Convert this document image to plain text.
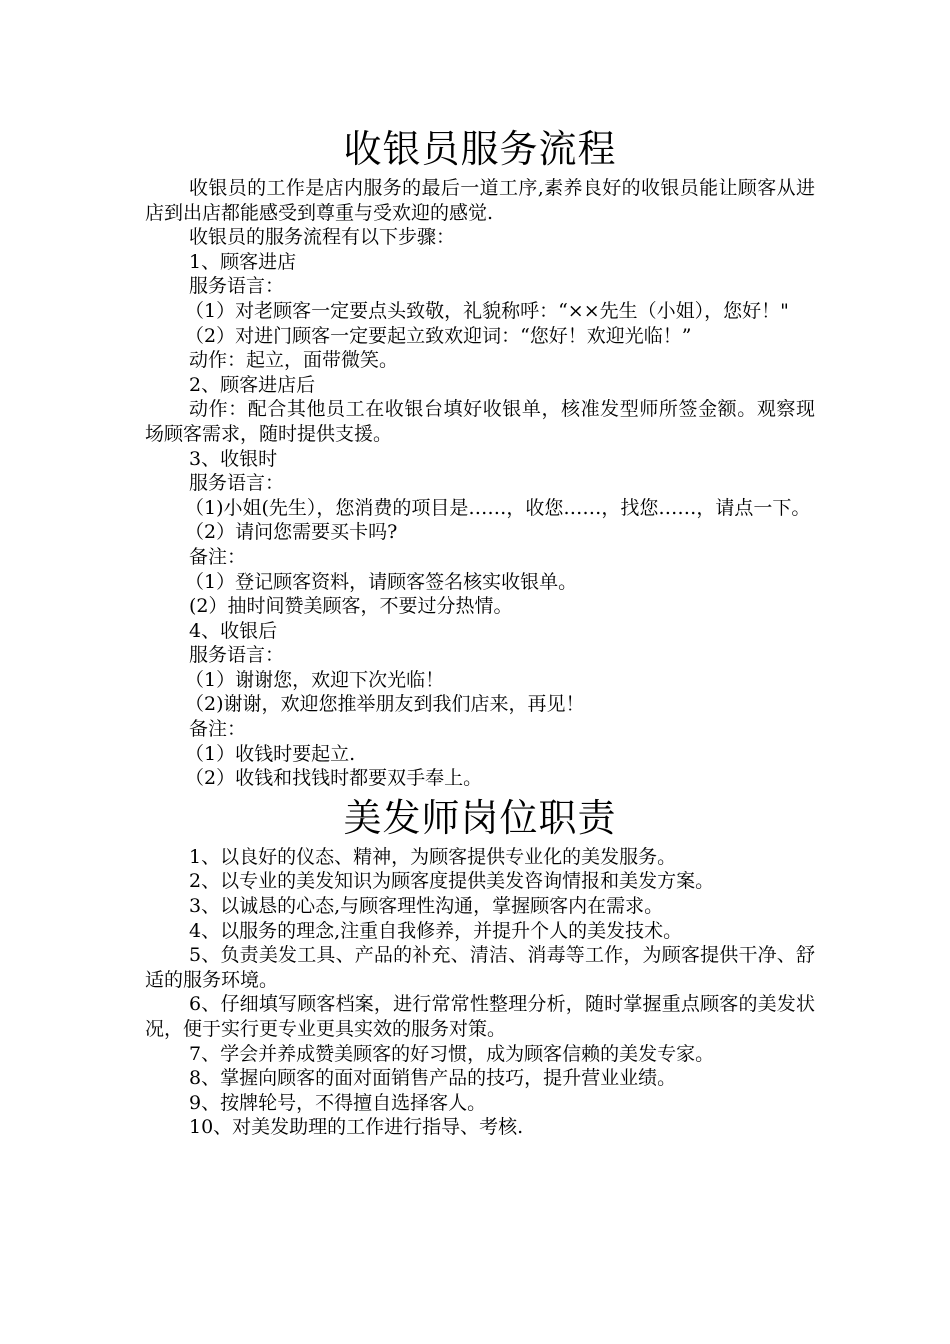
收银员服务流程

收银员的工作是店内服务的最后一道工序,素养良好的收银员能让顾客从进店到出店都能感受到尊重与受欢迎的感觉.

收银员的服务流程有以下步骤：

1、顾客进店

服务语言：

（1）对老顾客一定要点头致敬，礼貌称呼：“××先生（小姐），您好！"

（2）对进门顾客一定要起立致欢迎词：“您好！欢迎光临！”

动作：起立，面带微笑。

2、顾客进店后

动作：配合其他员工在收银台填好收银单，核准发型师所签金额。观察现场顾客需求，随时提供支援。

3、收银时

服务语言：

（1)小姐(先生），您消费的项目是……，收您……，找您……，请点一下。

（2）请问您需要买卡吗?

备注：

（1）登记顾客资料，请顾客签名核实收银单。

(2）抽时间赞美顾客，不要过分热情。

4、收银后

服务语言：

（1）谢谢您，欢迎下次光临！

（2)谢谢，欢迎您推举朋友到我们店来，再见！

备注：

（1）收钱时要起立.

（2）收钱和找钱时都要双手奉上。

美发师岗位职责

1、以良好的仪态、精神，为顾客提供专业化的美发服务。

2、以专业的美发知识为顾客度提供美发咨询情报和美发方案。

3、以诚恳的心态,与顾客理性沟通，掌握顾客内在需求。

4、以服务的理念,注重自我修养，并提升个人的美发技术。

5、负责美发工具、产品的补充、清洁、消毒等工作，为顾客提供干净、舒适的服务环境。

6、仔细填写顾客档案，进行常常性整理分析，随时掌握重点顾客的美发状况，便于实行更专业更具实效的服务对策。

7、学会并养成赞美顾客的好习惯，成为顾客信赖的美发专家。

8、掌握向顾客的面对面销售产品的技巧，提升营业业绩。

9、按牌轮号，不得擅自选择客人。

10、对美发助理的工作进行指导、考核.
